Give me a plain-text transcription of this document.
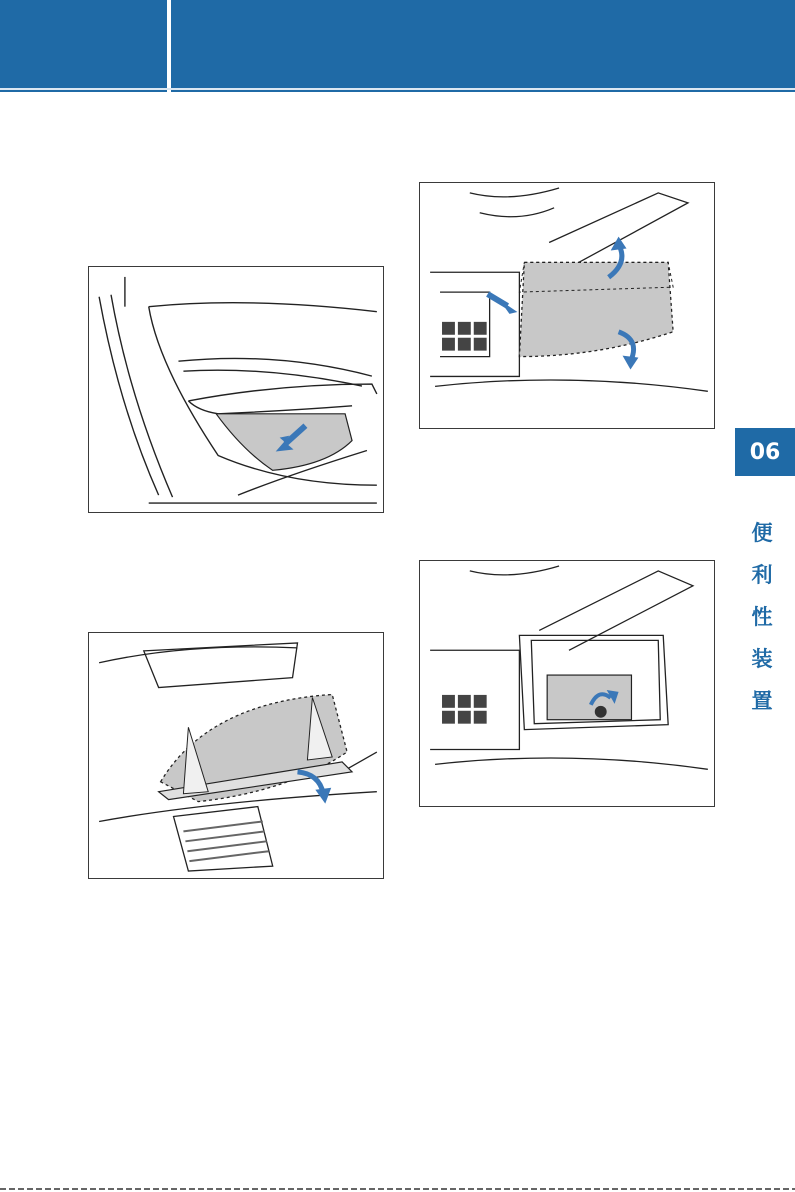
06
便
利
性
装
置
